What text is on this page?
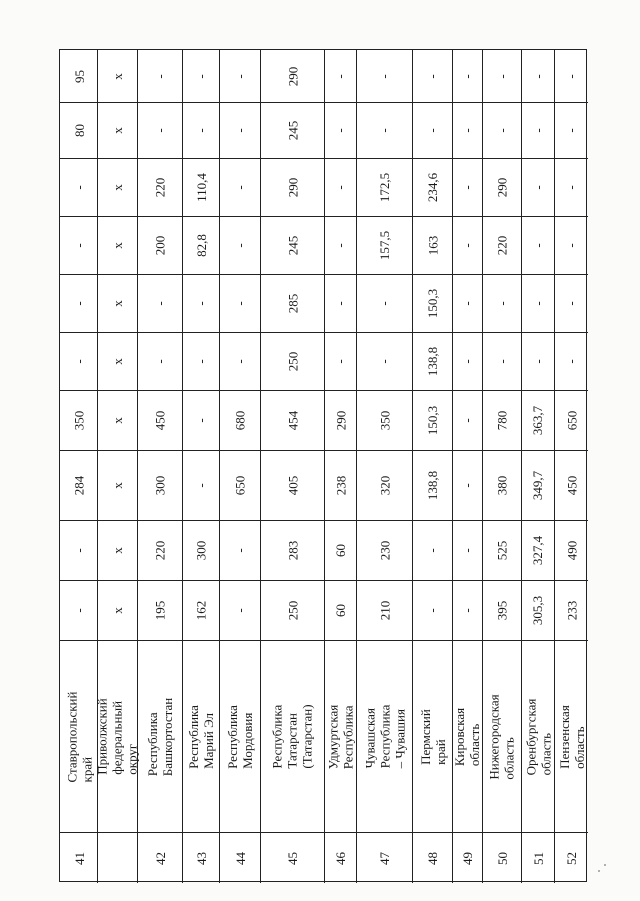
41
Ставропольский край
-
-
284
350
-
-
-
-
80
95
Приволжский федеральный округ
x
x
x
x
x
x
x
x
x
x
42
Республика Башкортостан
195
220
300
450
-
-
200
220
-
-
43
Республика Марий Эл
162
300
-
-
-
-
82,8
110,4
-
-
44
Республика Мордовия
-
-
650
680
-
-
-
-
-
-
45
Республика Татарстан (Татарстан)
250
283
405
454
250
285
245
290
245
290
46
Удмуртская Республика
60
60
238
290
-
-
-
-
-
-
47
Чувашская Республика – Чувашия
210
230
320
350
-
-
157,5
172,5
-
-
48
Пермский край
-
-
138,8
150,3
138,8
150,3
163
234,6
-
-
49
Кировская область
-
-
-
-
-
-
-
-
-
-
50
Нижегородская область
395
525
380
780
-
-
220
290
-
-
51
Оренбургская область
305,3
327,4
349,7
363,7
-
-
-
-
-
-
52
Пензенская область
233
490
450
650
-
-
-
-
-
-
